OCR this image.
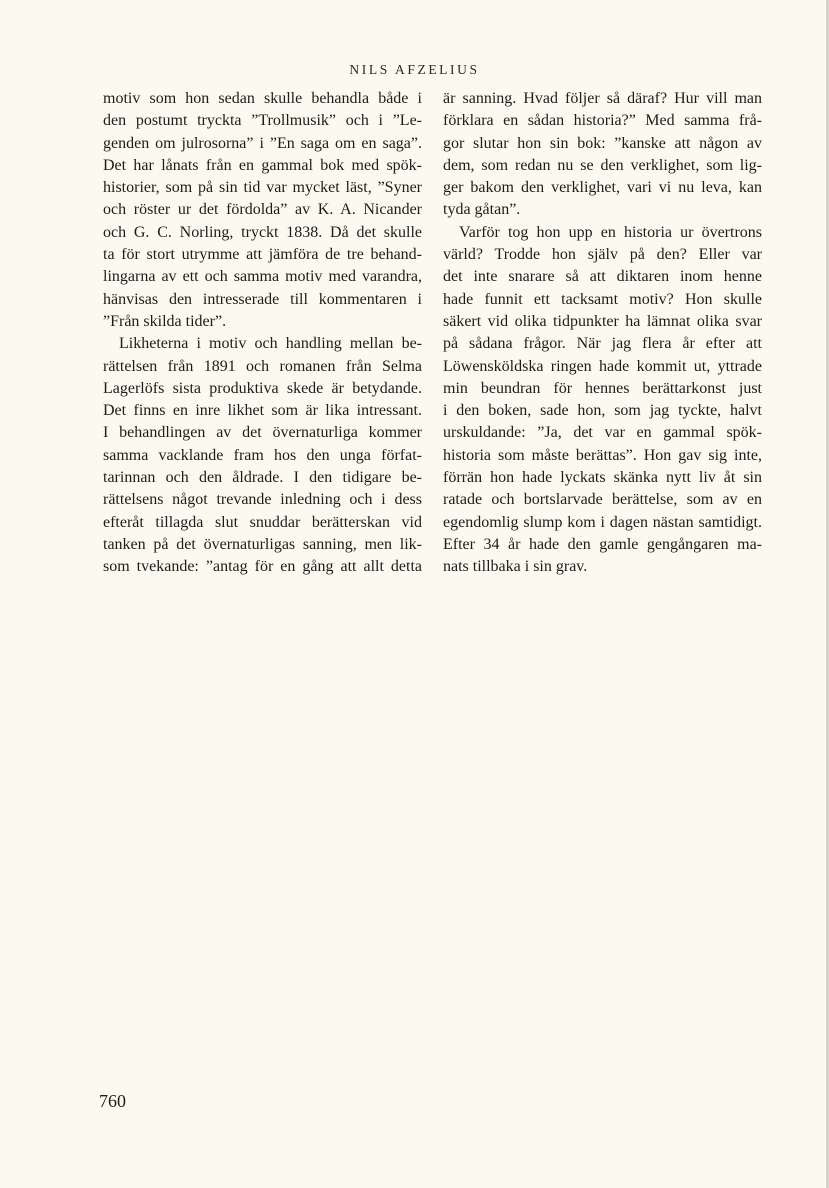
NILS AFZELIUS
motiv som hon sedan skulle behandla både i
den postumt tryckta ”Trollmusik” och i ”Le-
genden om julrosorna” i ”En saga om en saga”.
Det har lånats från en gammal bok med spök-
historier, som på sin tid var mycket läst, ”Syner
och röster ur det fördolda” av K. A. Nicander
och G. C. Norling, tryckt 1838. Då det skulle
ta för stort utrymme att jämföra de tre behand-
lingarna av ett och samma motiv med varandra,
hänvisas den intresserade till kommentaren i
”Från skilda tider”.
Likheterna i motiv och handling mellan be-
rättelsen från 1891 och romanen från Selma
Lagerlöfs sista produktiva skede är betydande.
Det finns en inre likhet som är lika intressant.
I behandlingen av det övernaturliga kommer
samma vacklande fram hos den unga förfat-
tarinnan och den åldrade. I den tidigare be-
rättelsens något trevande inledning och i dess
efteråt tillagda slut snuddar berätterskan vid
tanken på det övernaturligas sanning, men lik-
som tvekande: ”antag för en gång att allt detta
är sanning. Hvad följer så däraf? Hur vill man
förklara en sådan historia?” Med samma frå-
gor slutar hon sin bok: ”kanske att någon av
dem, som redan nu se den verklighet, som lig-
ger bakom den verklighet, vari vi nu leva, kan
tyda gåtan”.
Varför tog hon upp en historia ur övertrons
värld? Trodde hon själv på den? Eller var
det inte snarare så att diktaren inom henne
hade funnit ett tacksamt motiv? Hon skulle
säkert vid olika tidpunkter ha lämnat olika svar
på sådana frågor. När jag flera år efter att
Löwensköldska ringen hade kommit ut, yttrade
min beundran för hennes berättarkonst just
i den boken, sade hon, som jag tyckte, halvt
urskuldande: ”Ja, det var en gammal spök-
historia som måste berättas”. Hon gav sig inte,
förrän hon hade lyckats skänka nytt liv åt sin
ratade och bortslarvade berättelse, som av en
egendomlig slump kom i dagen nästan samtidigt.
Efter 34 år hade den gamle gengångaren ma-
nats tillbaka i sin grav.
760
